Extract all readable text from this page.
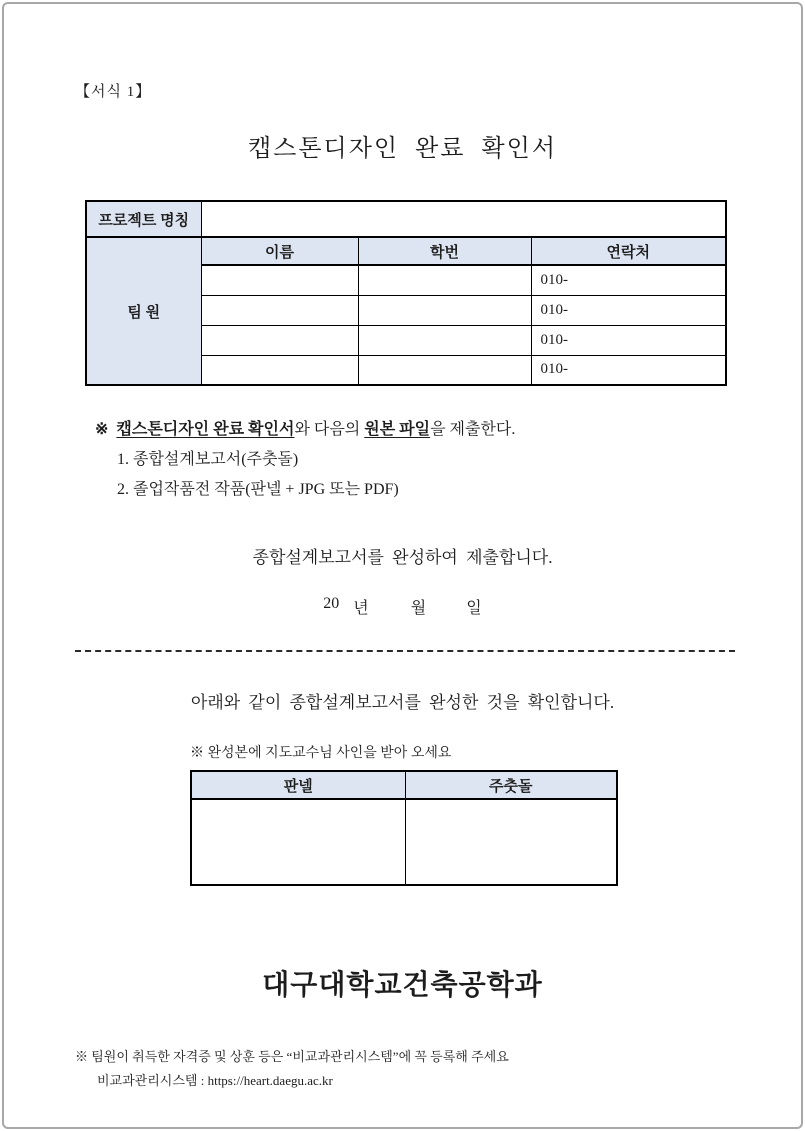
【서식 1】
캡스톤디자인 완료 확인서
프로젝트 명칭			
팀 원	이름	학번	연락처
			010-
			010-
			010-
			010-
※ 캡스톤디자인 완료 확인서와 다음의 원본 파일을 제출한다.
1. 종합설계보고서(주춧돌)
2. 졸업작품전 작품(판넬 + JPG 또는 PDF)
종합설계보고서를 완성하여 제출합니다.
20 년	월	일
아래와 같이 종합설계보고서를 완성한 것을 확인합니다.
※ 완성본에 지도교수님 사인을 받아 오세요
판넬	주춧돌

대구대학교건축공학과
※ 팀원이 취득한 자격증 및 상훈 등은 “비교과관리시스템”에 꼭 등록해 주세요
비교과관리시스템 : https://heart.daegu.ac.kr
